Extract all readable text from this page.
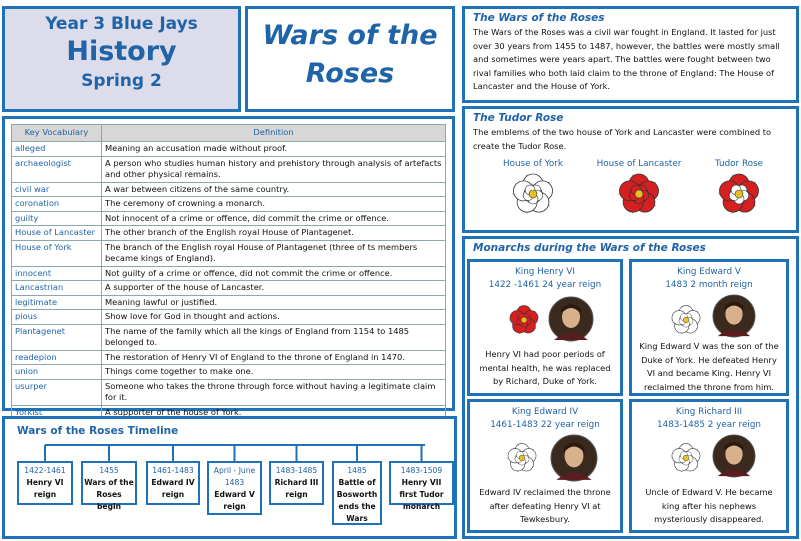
Year 3 Blue Jays
History
Spring 2
Wars of the
Roses
Key Vocabulary	Definition
alleged	Meaning an accusation made without proof.
archaeologist	A person who studies human history and prehistory through analysis of artefacts and other physical remains.
civil war	A war between citizens of the same country.
coronation	The ceremony of crowning a monarch.
guilty	Not innocent of a crime or offence, did commit the crime or offence.
House of Lancaster	The other branch of the English royal House of Plantagenet.
House of York	The branch of the English royal House of Plantagenet (three of ts members became kings of England).
innocent	Not guilty of a crime or offence, did not commit the crime or offence.
Lancastrian	A supporter of the house of Lancaster.
legitimate	Meaning lawful or justified.
pious	Show love for God in thought and actions.
Plantagenet	The name of the family which all the kings of England from 1154 to 1485 belonged to.
readepion	The restoration of Henry VI of England to the throne of England in 1470.
union	Things come together to make one.
usurper	Someone who takes the throne through force without having a legitimate claim for it.
Yorkist	A supporter of the house of York.
Wars of the Roses Timeline
1422-1461
Henry VI reign
1455
Wars of the Roses begin
1461-1483
Edward IV reign
April - June 1483
Edward V reign
1483-1485
Richard III reign
1485
Battle of Bosworth ends the Wars
1483-1509
Henry VII first Tudor monarch
The Wars of the Roses

The Wars of the Roses was a civil war fought in England. It lasted for just over 30 years from 1455 to 1487, however, the battles were mostly small and sometimes were years apart. The battles were fought between two rival families who both laid claim to the throne of England: The House of Lancaster and the House of York.

The Tudor Rose

The emblems of the two house of York and Lancaster were combined to create the Tudor Rose.

House of York	House of Lancaster	Tudor Rose
Monarchs during the Wars of the Roses
King Henry VI
1422 -1461 24 year reign
Henry VI had poor periods of mental health, he was replaced by Richard, Duke of York.
King Edward V
1483 2 month reign
King Edward V was the son of the Duke of York. He defeated Henry VI and became King. Henry VI reclaimed the throne from him.
King Edward IV
1461-1483 22 year reign
Edward IV reclaimed the throne after defeating Henry VI at Tewkesbury.
King Richard III
1483-1485 2 year reign
Uncle of Edward V. He became king after his nephews mysteriously disappeared.
